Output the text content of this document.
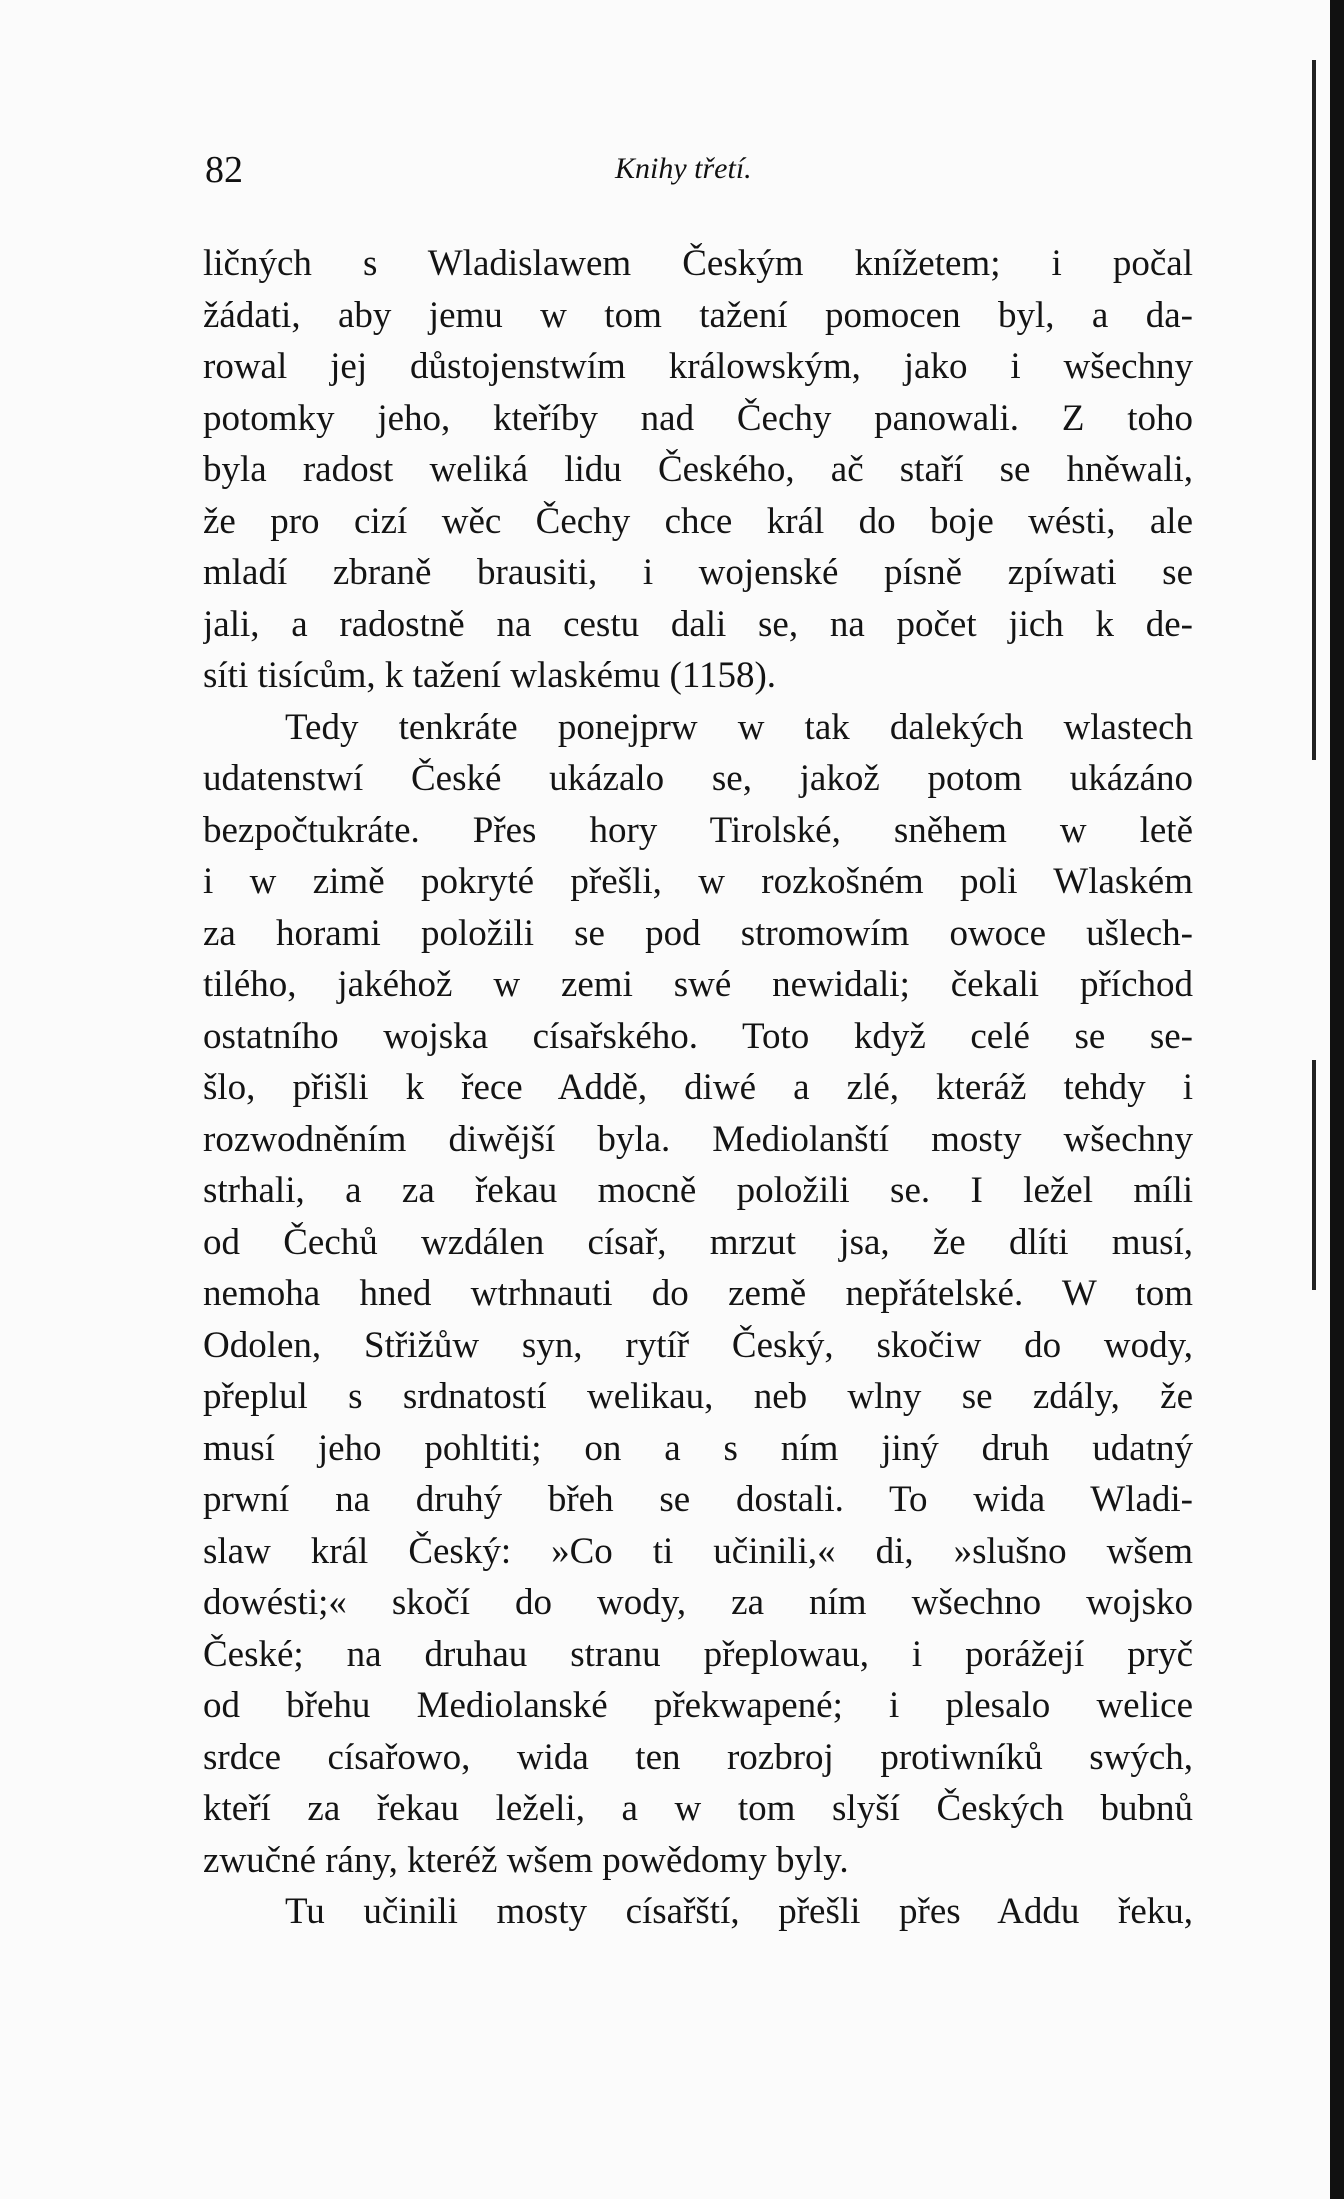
82	Knihy třetí.
ličných s Wladislawem Českým knížetem; i počal
žádati, aby jemu w tom tažení pomocen byl, a da-
rowal jej důstojenstwím králowským, jako i wšechny
potomky jeho, kteříby nad Čechy panowali. Z toho
byla radost weliká lidu Českého, ač staří se hněwali,
že pro cizí wěc Čechy chce král do boje wésti, ale
mladí zbraně brausiti, i wojenské písně zpíwati se
jali, a radostně na cestu dali se, na počet jich k de-
síti tisícům, k tažení wlaskému (1158).
Tedy tenkráte ponejprw w tak dalekých wlastech
udatenstwí České ukázalo se, jakož potom ukázáno
bezpočtukráte. Přes hory Tirolské, sněhem w letě
i w zimě pokryté přešli, w rozkošném poli Wlaském
za horami položili se pod stromowím owoce ušlech-
tilého, jakéhož w zemi swé newidali; čekali příchod
ostatního wojska císařského. Toto když celé se se-
šlo, přišli k řece Addě, diwé a zlé, kteráž tehdy i
rozwodněním diwější byla. Mediolanští mosty wšechny
strhali, a za řekau mocně položili se. I ležel míli
od Čechů wzdálen císař, mrzut jsa, že dlíti musí,
nemoha hned wtrhnauti do země nepřátelské. W tom
Odolen, Střižůw syn, rytíř Český, skočiw do wody,
přeplul s srdnatostí welikau, neb wlny se zdály, že
musí jeho pohltiti; on a s ním jiný druh udatný
prwní na druhý břeh se dostali. To wida Wladi-
slaw král Český: »Co ti učinili,« di, »slušno wšem
dowésti;« skočí do wody, za ním wšechno wojsko
České; na druhau stranu přeplowau, i porážejí pryč
od břehu Mediolanské překwapené; i plesalo welice
srdce císařowo, wida ten rozbroj protiwníků swých,
kteří za řekau leželi, a w tom slyší Českých bubnů
zwučné rány, kteréž wšem powědomy byly.
Tu učinili mosty císařští, přešli přes Addu řeku,
